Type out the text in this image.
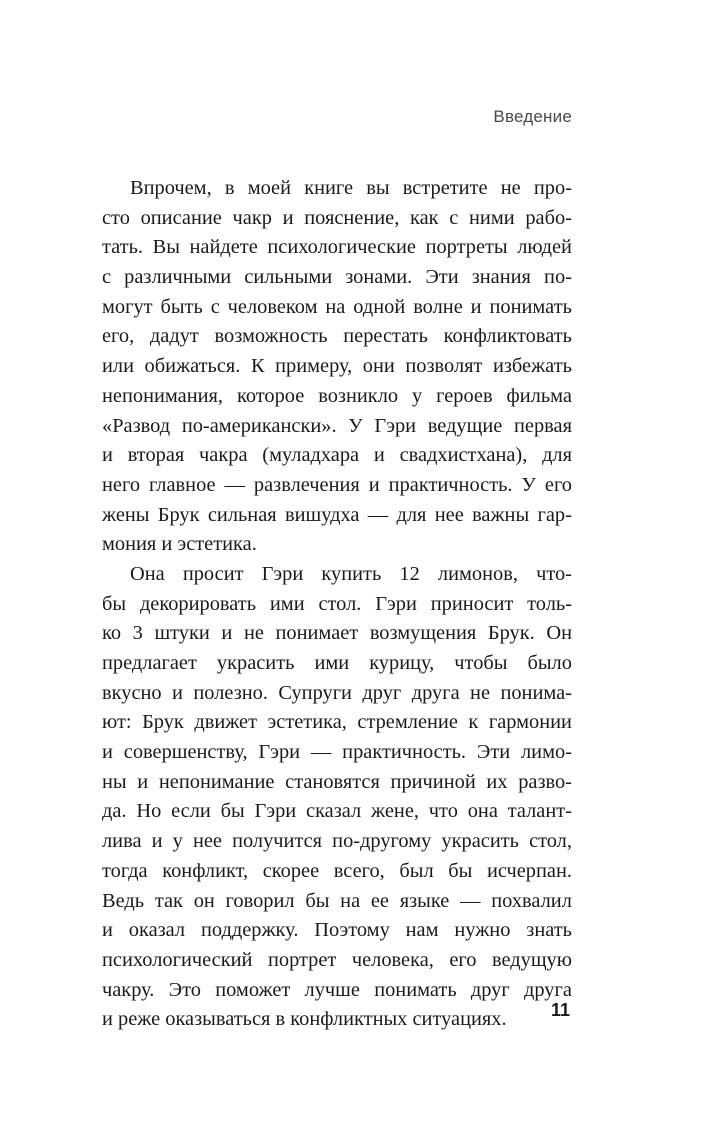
Введение
Впрочем, в моей книге вы встретите не про-
сто описание чакр и пояснение, как с ними рабо-
тать. Вы найдете психологические портреты людей
с различными сильными зонами. Эти знания по-
могут быть с человеком на одной волне и понимать
его, дадут возможность перестать конфликтовать
или обижаться. К примеру, они позволят избежать
непонимания, которое возникло у героев фильма
«Развод по-американски». У Гэри ведущие первая
и вторая чакра (муладхара и свадхистхана), для
него главное — развлечения и практичность. У его
жены Брук сильная вишудха — для нее важны гар-
мония
и
эстетика.
Она просит Гэри купить 12 лимонов, что-
бы декорировать ими стол. Гэри приносит толь-
ко 3 штуки и не понимает возмущения Брук. Он
предлагает украсить ими курицу, чтобы было
вкусно и полезно. Супруги друг друга не понима-
ют: Брук движет эстетика, стремление к гармонии
и совершенству, Гэри — практичность. Эти лимо-
ны и непонимание становятся причиной их разво-
да. Но если бы Гэри сказал жене, что она талант-
лива и у нее получится по-другому украсить стол,
тогда конфликт, скорее всего, был бы исчерпан.
Ведь так он говорил бы на ее языке — похвалил
и оказал поддержку. Поэтому нам нужно знать
психологический портрет человека, его ведущую
чакру. Это поможет лучше понимать друг друга
и
реже
оказываться
в
конфликтных
ситуациях. 11
